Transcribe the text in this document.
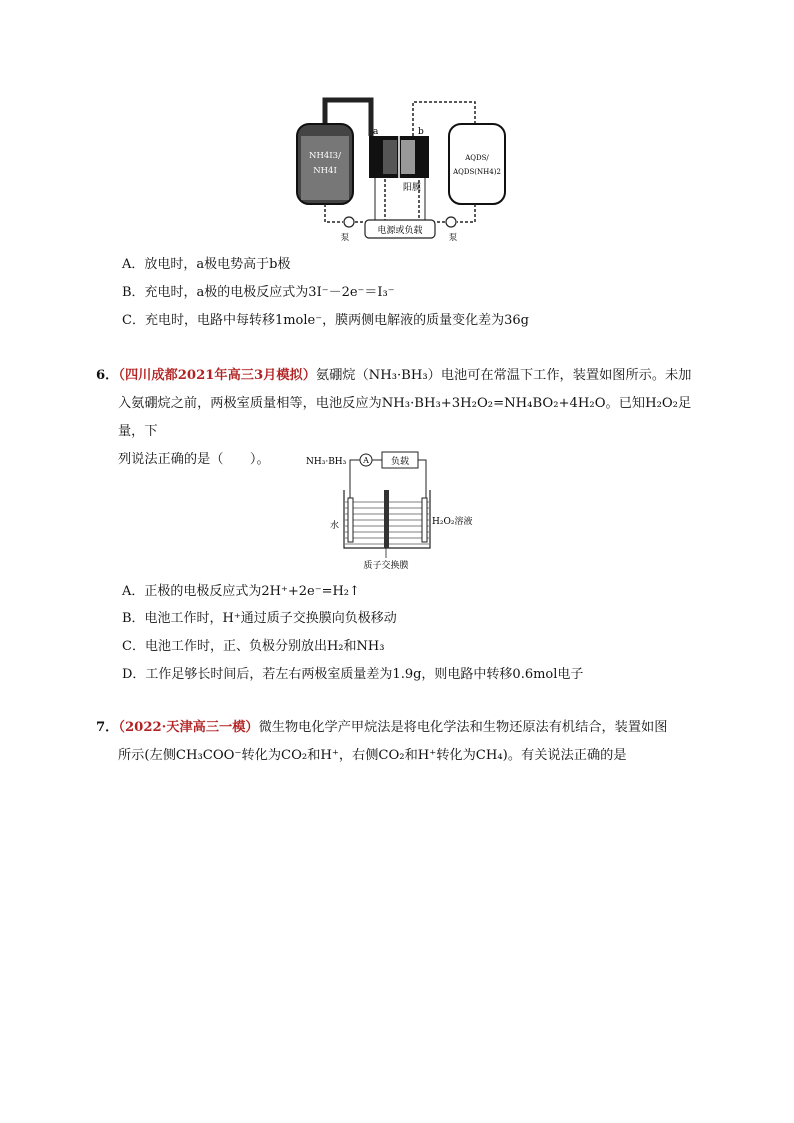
NH4I3/
NH4I
a	b
阳膜
AQDS/
AQDS(NH4)2
电源或负载
泵	泵
A．放电时，a极电势高于b极
B．充电时，a极的电极反应式为3I⁻－2e⁻＝I₃⁻
C．充电时，电路中每转移1mole⁻，膜两侧电解液的质量变化差为36g
6．（四川成都2021年高三3月模拟）氨硼烷（NH₃·BH₃）电池可在常温下工作，装置如图所示。未加
入氨硼烷之前，两极室质量相等，电池反应为NH₃·BH₃+3H₂O₂=NH₄BO₂+4H₂O。已知H₂O₂足量，下
列说法正确的是（　　）。	NH₃·BH₃ A 负载
水	H₂O₂溶液
质子交换膜
A．正极的电极反应式为2H⁺+2e⁻=H₂↑
B．电池工作时，H⁺通过质子交换膜向负极移动
C．电池工作时，正、负极分别放出H₂和NH₃
D．工作足够长时间后，若左右两极室质量差为1.9g，则电路中转移0.6mol电子
7．（2022·天津高三一模）微生物电化学产甲烷法是将电化学法和生物还原法有机结合，装置如图
所示(左侧CH₃COO⁻转化为CO₂和H⁺，右侧CO₂和H⁺转化为CH₄)。有关说法正确的是
